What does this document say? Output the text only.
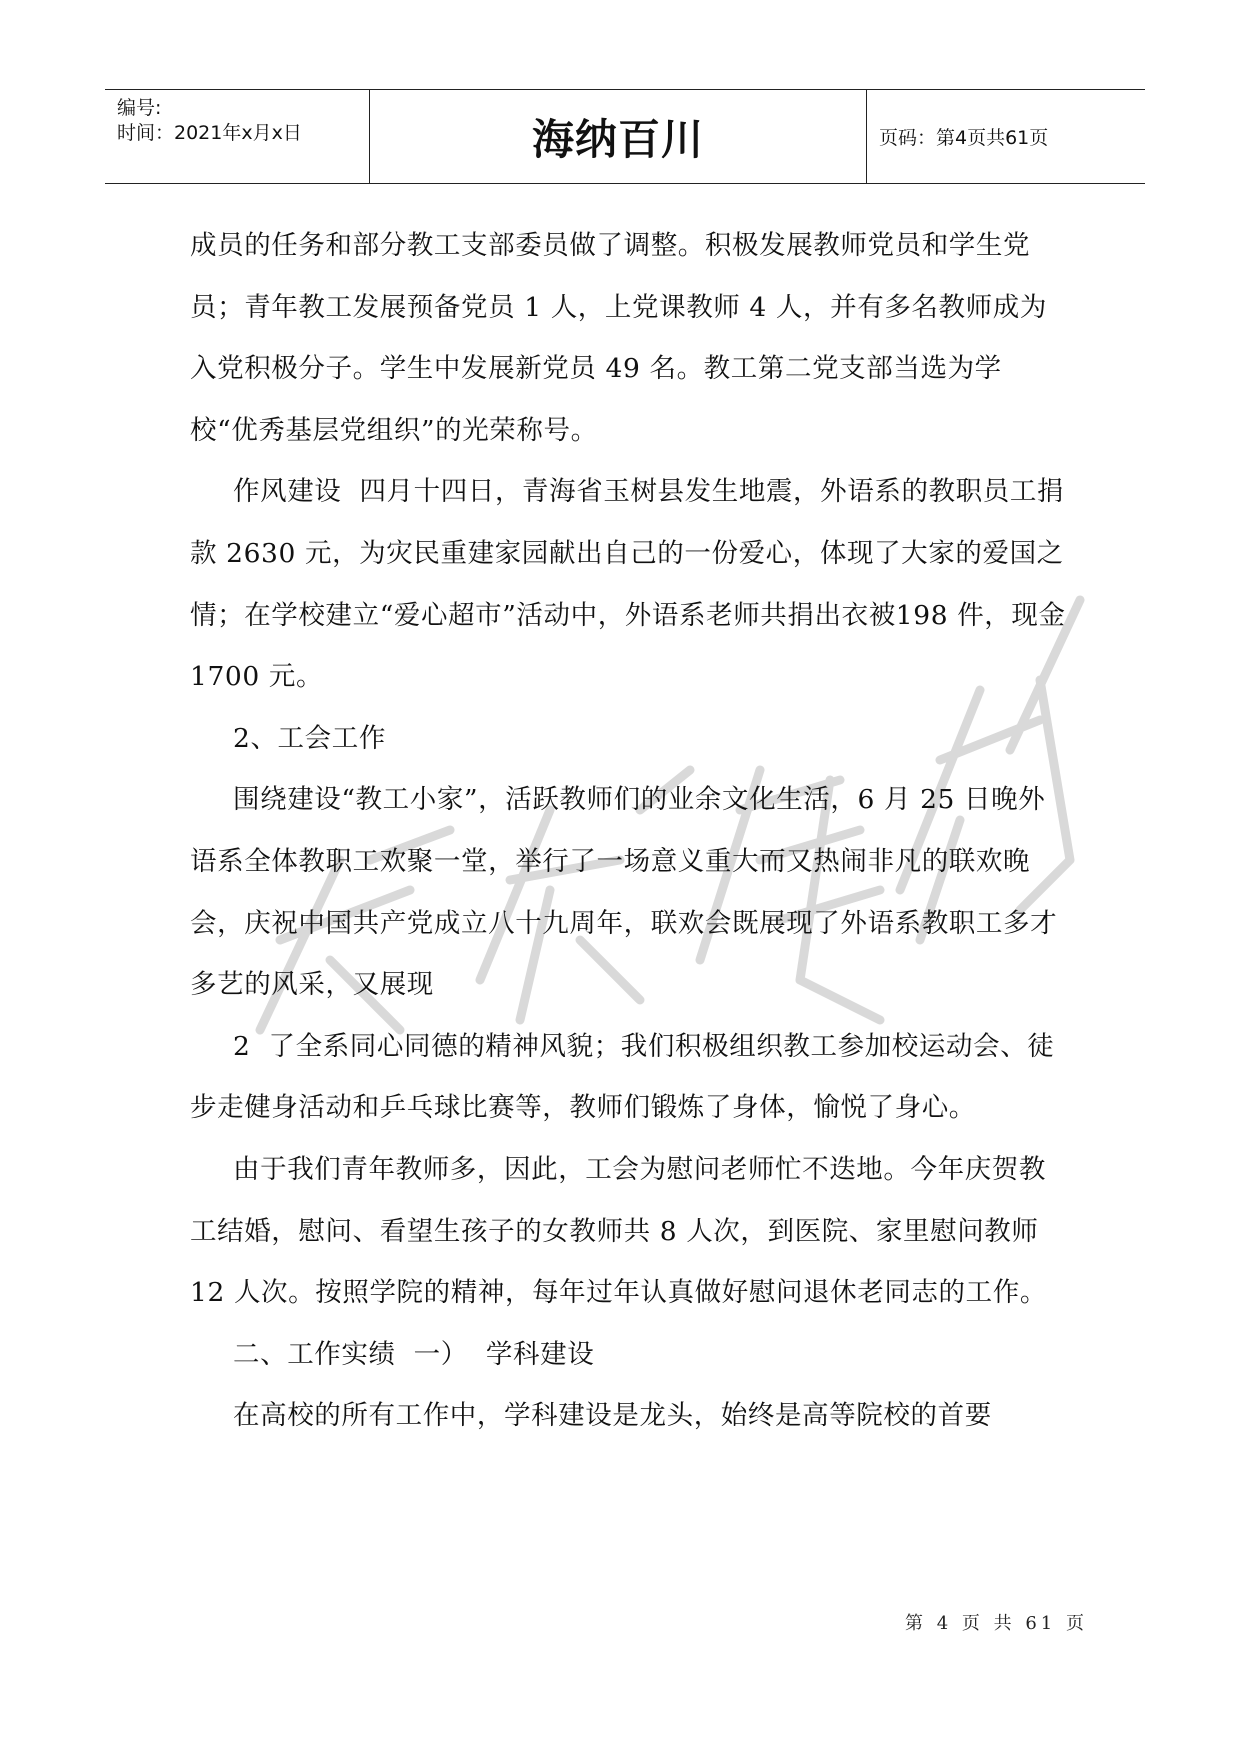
编号:
时间：2021年x月x日	海纳百川	页码：第4页共61页

成员的任务和部分教工支部委员做了调整。积极发展教师党员和学生党员；青年教工发展预备党员 1 人，上党课教师 4 人，并有多名教师成为入党积极分子。学生中发展新党员 49 名。教工第二党支部当选为学校“优秀基层党组织”的光荣称号。

作风建设  四月十四日，青海省玉树县发生地震，外语系的教职员工捐款 2630 元，为灾民重建家园献出自己的一份爱心，体现了大家的爱国之情；在学校建立“爱心超市”活动中，外语系老师共捐出衣被198 件，现金 1700 元。

2、工会工作

围绕建设“教工小家”，活跃教师们的业余文化生活，6 月 25 日晚外语系全体教职工欢聚一堂，举行了一场意义重大而又热闹非凡的联欢晚会，庆祝中国共产党成立八十九周年，联欢会既展现了外语系教职工多才多艺的风采，又展现

2  了全系同心同德的精神风貌；我们积极组织教工参加校运动会、徒步走健身活动和乒乓球比赛等，教师们锻炼了身体，愉悦了身心。

由于我们青年教师多，因此，工会为慰问老师忙不迭地。今年庆贺教工结婚，慰问、看望生孩子的女教师共 8 人次，到医院、家里慰问教师 12 人次。按照学院的精神，每年过年认真做好慰问退休老同志的工作。

二、工作实绩  一）  学科建设

在高校的所有工作中，学科建设是龙头，始终是高等院校的首要

第 4 页 共 61 页
